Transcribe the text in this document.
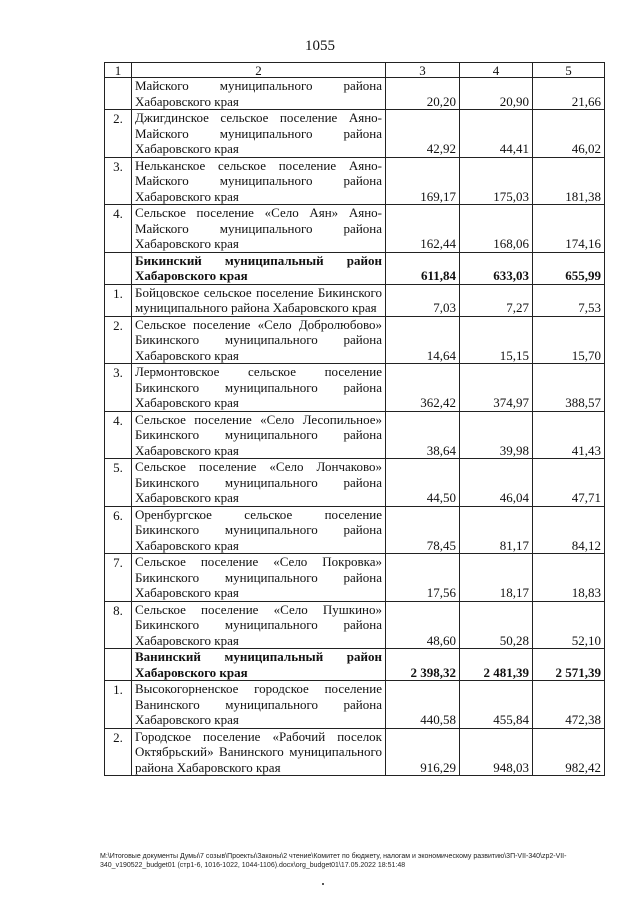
1055
1	2	3	4	5
	Майского муниципального района Хабаровского края	20,20	20,90	21,66
2.	Джигдинское сельское поселение Аяно-Майского муниципального района Хабаровского края	42,92	44,41	46,02
3.	Нельканское сельское поселение Аяно-Майского муниципального района Хабаровского края	169,17	175,03	181,38
4.	Сельское поселение «Село Аян» Аяно-Майского муниципального района Хабаровского края	162,44	168,06	174,16
	Бикинский муниципальный район Хабаровского края	611,84	633,03	655,99
1.	Бойцовское сельское поселение Бикинского муниципального района Хабаровского края	7,03	7,27	7,53
2.	Сельское поселение «Село Добролюбово» Бикинского муниципального района Хабаровского края	14,64	15,15	15,70
3.	Лермонтовское сельское поселение Бикинского муниципального района Хабаровского края	362,42	374,97	388,57
4.	Сельское поселение «Село Лесопильное» Бикинского муниципального района Хабаровского края	38,64	39,98	41,43
5.	Сельское поселение «Село Лончаково» Бикинского муниципального района Хабаровского края	44,50	46,04	47,71
6.	Оренбургское сельское поселение Бикинского муниципального района Хабаровского края	78,45	81,17	84,12
7.	Сельское поселение «Село Покровка» Бикинского муниципального района Хабаровского края	17,56	18,17	18,83
8.	Сельское поселение «Село Пушкино» Бикинского муниципального района Хабаровского края	48,60	50,28	52,10
	Ванинский муниципальный район Хабаровского края	2 398,32	2 481,39	2 571,39
1.	Высокогорненское городское поселение Ванинского муниципального района Хабаровского края	440,58	455,84	472,38
2.	Городское поселение «Рабочий поселок Октябрьский» Ванинского муниципального района Хабаровского края	916,29	948,03	982,42
M:\Итоговые документы Думы\7 созыв\Проекты\Законы\2 чтение\Комитет по бюджету, налогам и экономическому развитию\3П-VII-340\zp2-VII-340_v190522_budget01 (стр1-6, 1016-1022, 1044-1106).docx\org_budget01\17.05.2022 18:51:48
